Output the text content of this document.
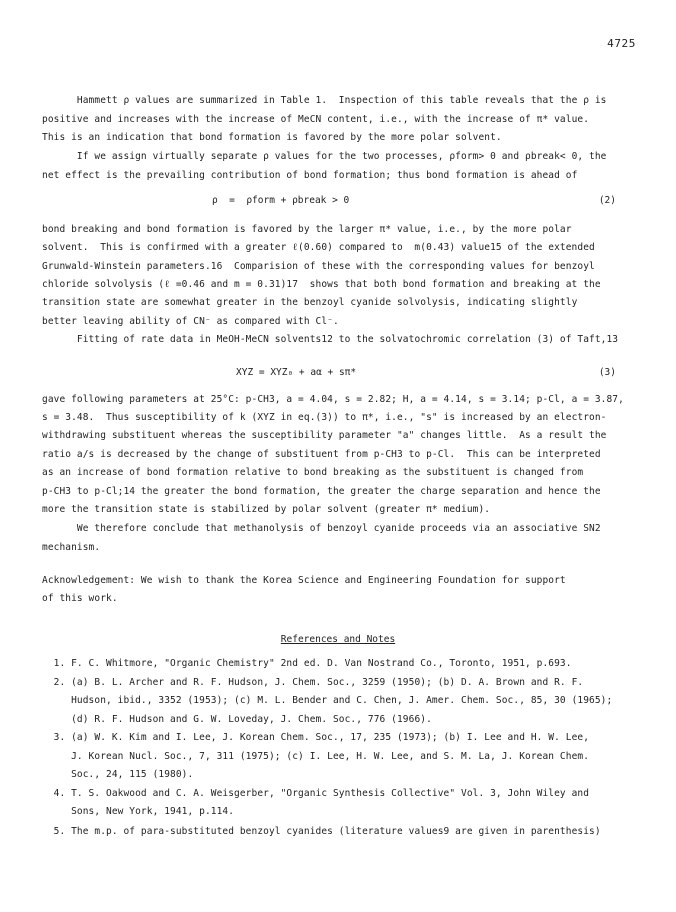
4725
Hammett ρ values are summarized in Table 1.  Inspection of this table reveals that the ρ is
positive and increases with the increase of MeCN content, i.e., with the increase of π* value.
This is an indication that bond formation is favored by the more polar solvent.
If we assign virtually separate ρ values for the two processes, ρform> 0 and ρbreak< 0, the
net effect is the prevailing contribution of bond formation; thus bond formation is ahead of
ρ  =  ρform + ρbreak > 0	(2)
bond breaking and bond formation is favored by the larger π* value, i.e., by the more polar
solvent.  This is confirmed with a greater ℓ(0.60) compared to  m(0.43) value15 of the extended
Grunwald-Winstein parameters.16  Comparision of these with the corresponding values for benzoyl
chloride solvolysis (ℓ =0.46 and m = 0.31)17  shows that both bond formation and breaking at the
transition state are somewhat greater in the benzoyl cyanide solvolysis, indicating slightly
better leaving ability of CN⁻ as compared with Cl⁻.
Fitting of rate data in MeOH-MeCN solvents12 to the solvatochromic correlation (3) of Taft,13
XYZ = XYZ₀ + aα + sπ*	(3)
gave following parameters at 25°C: p-CH3, a = 4.04, s = 2.82; H, a = 4.14, s = 3.14; p-Cl, a = 3.87,
s = 3.48.  Thus susceptibility of k (XYZ in eq.(3)) to π*, i.e., "s" is increased by an electron-
withdrawing substituent whereas the susceptibility parameter "a" changes little.  As a result the
ratio a/s is decreased by the change of substituent from p-CH3 to p-Cl.  This can be interpreted
as an increase of bond formation relative to bond breaking as the substituent is changed from
p-CH3 to p-Cl;14 the greater the bond formation, the greater the charge separation and hence the
more the transition state is stabilized by polar solvent (greater π* medium).
We therefore conclude that methanolysis of benzoyl cyanide proceeds via an associative SN2
mechanism.
Acknowledgement: We wish to thank the Korea Science and Engineering Foundation for support
of this work.
References and Notes
1. F. C. Whitmore, "Organic Chemistry" 2nd ed. D. Van Nostrand Co., Toronto, 1951, p.693.
2. (a) B. L. Archer and R. F. Hudson, J. Chem. Soc., 3259 (1950); (b) D. A. Brown and R. F.
Hudson, ibid., 3352 (1953); (c) M. L. Bender and C. Chen, J. Amer. Chem. Soc., 85, 30 (1965);
(d) R. F. Hudson and G. W. Loveday, J. Chem. Soc., 776 (1966).
3. (a) W. K. Kim and I. Lee, J. Korean Chem. Soc., 17, 235 (1973); (b) I. Lee and H. W. Lee,
J. Korean Nucl. Soc., 7, 311 (1975); (c) I. Lee, H. W. Lee, and S. M. La, J. Korean Chem.
Soc., 24, 115 (1980).
4. T. S. Oakwood and C. A. Weisgerber, "Organic Synthesis Collective" Vol. 3, John Wiley and
Sons, New York, 1941, p.114.
5. The m.p. of para-substituted benzoyl cyanides (literature values9 are given in parenthesis)
